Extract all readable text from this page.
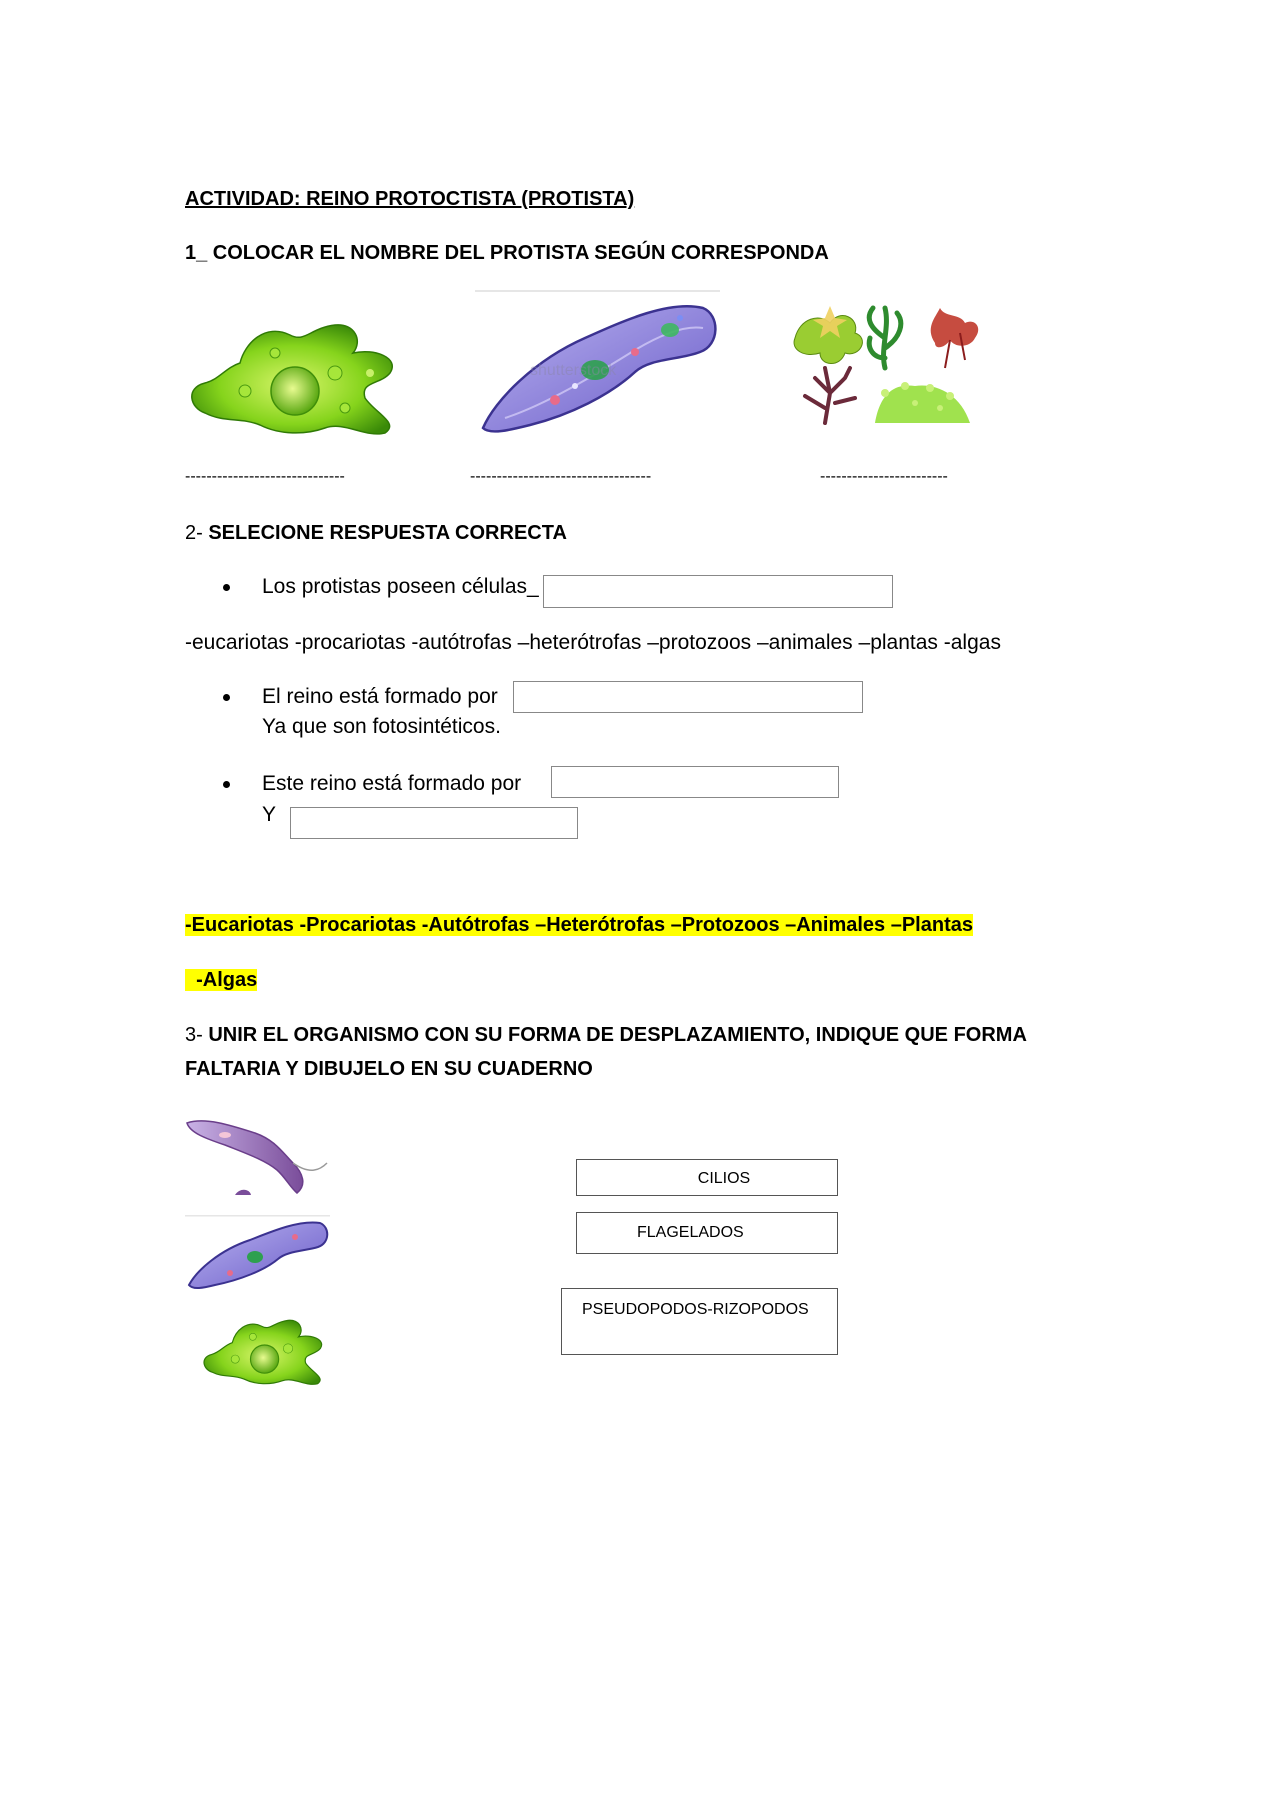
ACTIVIDAD: REINO PROTOCTISTA (PROTISTA)
1_ COLOCAR EL NOMBRE DEL PROTISTA SEGÚN CORRESPONDA
shutterstock
------------------------------	----------------------------------	------------------------
2- SELECIONE RESPUESTA CORRECTA
Los protistas poseen células_
-eucariotas -procariotas -autótrofas –heterótrofas –protozoos –animales –plantas -algas
El reino está formado por
Ya que son fotosintéticos.
Este reino está formado por
Y
-Eucariotas -Procariotas -Autótrofas –Heterótrofas –Protozoos –Animales –Plantas
-Algas
3- UNIR EL ORGANISMO CON SU FORMA DE DESPLAZAMIENTO, INDIQUE QUE FORMA
FALTARIA Y DIBUJELO EN SU CUADERNO
CILIOS
FLAGELADOS
PSEUDOPODOS-RIZOPODOS
